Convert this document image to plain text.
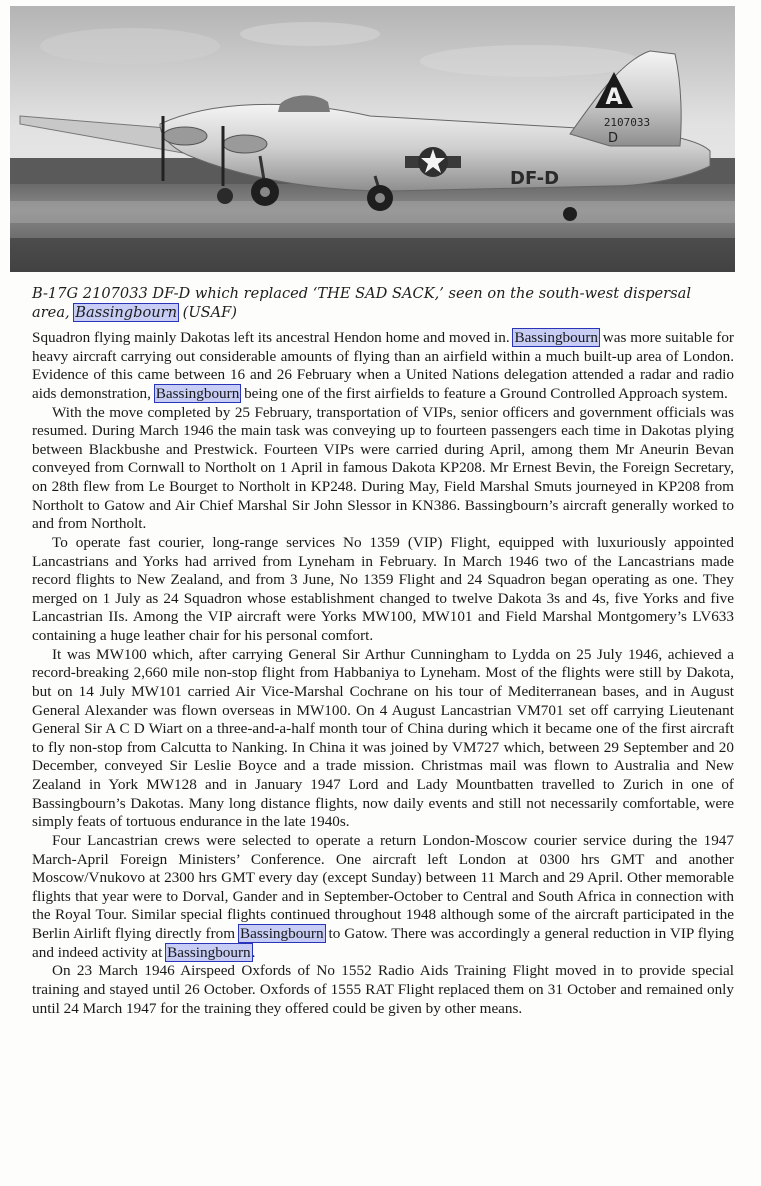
A
2107033
D
DF-D
B-17G 2107033 DF-D which replaced ‘THE SAD SACK,’ seen on the south-west dispersal area, Bassingbourn (USAF)

Squadron flying mainly Dakotas left its ancestral Hendon home and moved in. Bassingbourn was more suitable for heavy aircraft carrying out considerable amounts of flying than an airfield within a much built-up area of London. Evidence of this came between 16 and 26 February when a United Nations delegation attended a radar and radio aids demonstration, Bassingbourn being one of the first airfields to feature a Ground Controlled Approach system.

With the move completed by 25 February, transportation of VIPs, senior officers and government officials was resumed. During March 1946 the main task was conveying up to fourteen passengers each time in Dakotas plying between Blackbushe and Prestwick. Fourteen VIPs were carried during April, among them Mr Aneurin Bevan conveyed from Cornwall to Northolt on 1 April in famous Dakota KP208. Mr Ernest Bevin, the Foreign Secretary, on 28th flew from Le Bourget to Northolt in KP248. During May, Field Marshal Smuts journeyed in KP208 from Northolt to Gatow and Air Chief Marshal Sir John Slessor in KN386. Bassingbourn’s aircraft generally worked to and from Northolt.

To operate fast courier, long-range services No 1359 (VIP) Flight, equipped with luxuriously appointed Lancastrians and Yorks had arrived from Lyneham in February. In March 1946 two of the Lancastrians made record flights to New Zealand, and from 3 June, No 1359 Flight and 24 Squadron began operating as one. They merged on 1 July as 24 Squadron whose establishment changed to twelve Dakota 3s and 4s, five Yorks and five Lancastrian IIs. Among the VIP aircraft were Yorks MW100, MW101 and Field Marshal Montgomery’s LV633 containing a huge leather chair for his personal comfort.

It was MW100 which, after carrying General Sir Arthur Cunningham to Lydda on 25 July 1946, achieved a record-breaking 2,660 mile non-stop flight from Habbaniya to Lyneham. Most of the flights were still by Dakota, but on 14 July MW101 carried Air Vice-Marshal Cochrane on his tour of Mediterranean bases, and in August General Alexander was flown overseas in MW100. On 4 August Lancastrian VM701 set off carrying Lieutenant General Sir A C D Wiart on a three-and-a-half month tour of China during which it became one of the first aircraft to fly non-stop from Calcutta to Nanking. In China it was joined by VM727 which, between 29 September and 20 December, conveyed Sir Leslie Boyce and a trade mission. Christmas mail was flown to Australia and New Zealand in York MW128 and in January 1947 Lord and Lady Mountbatten travelled to Zurich in one of Bassingbourn’s Dakotas. Many long distance flights, now daily events and still not necessarily comfortable, were simply feats of tortuous endurance in the late 1940s.

Four Lancastrian crews were selected to operate a return London-Moscow courier service during the 1947 March-April Foreign Ministers’ Conference. One aircraft left London at 0300 hrs GMT and another Moscow/Vnukovo at 2300 hrs GMT every day (except Sunday) between 11 March and 29 April. Other memorable flights that year were to Dorval, Gander and in September-October to Central and South Africa in connection with the Royal Tour. Similar special flights continued throughout 1948 although some of the aircraft participated in the Berlin Airlift flying directly from Bassingbourn to Gatow. There was accordingly a general reduction in VIP flying and indeed activity at Bassingbourn.

On 23 March 1946 Airspeed Oxfords of No 1552 Radio Aids Training Flight moved in to provide special training and stayed until 26 October. Oxfords of 1555 RAT Flight replaced them on 31 October and remained only until 24 March 1947 for the training they offered could be given by other means.
